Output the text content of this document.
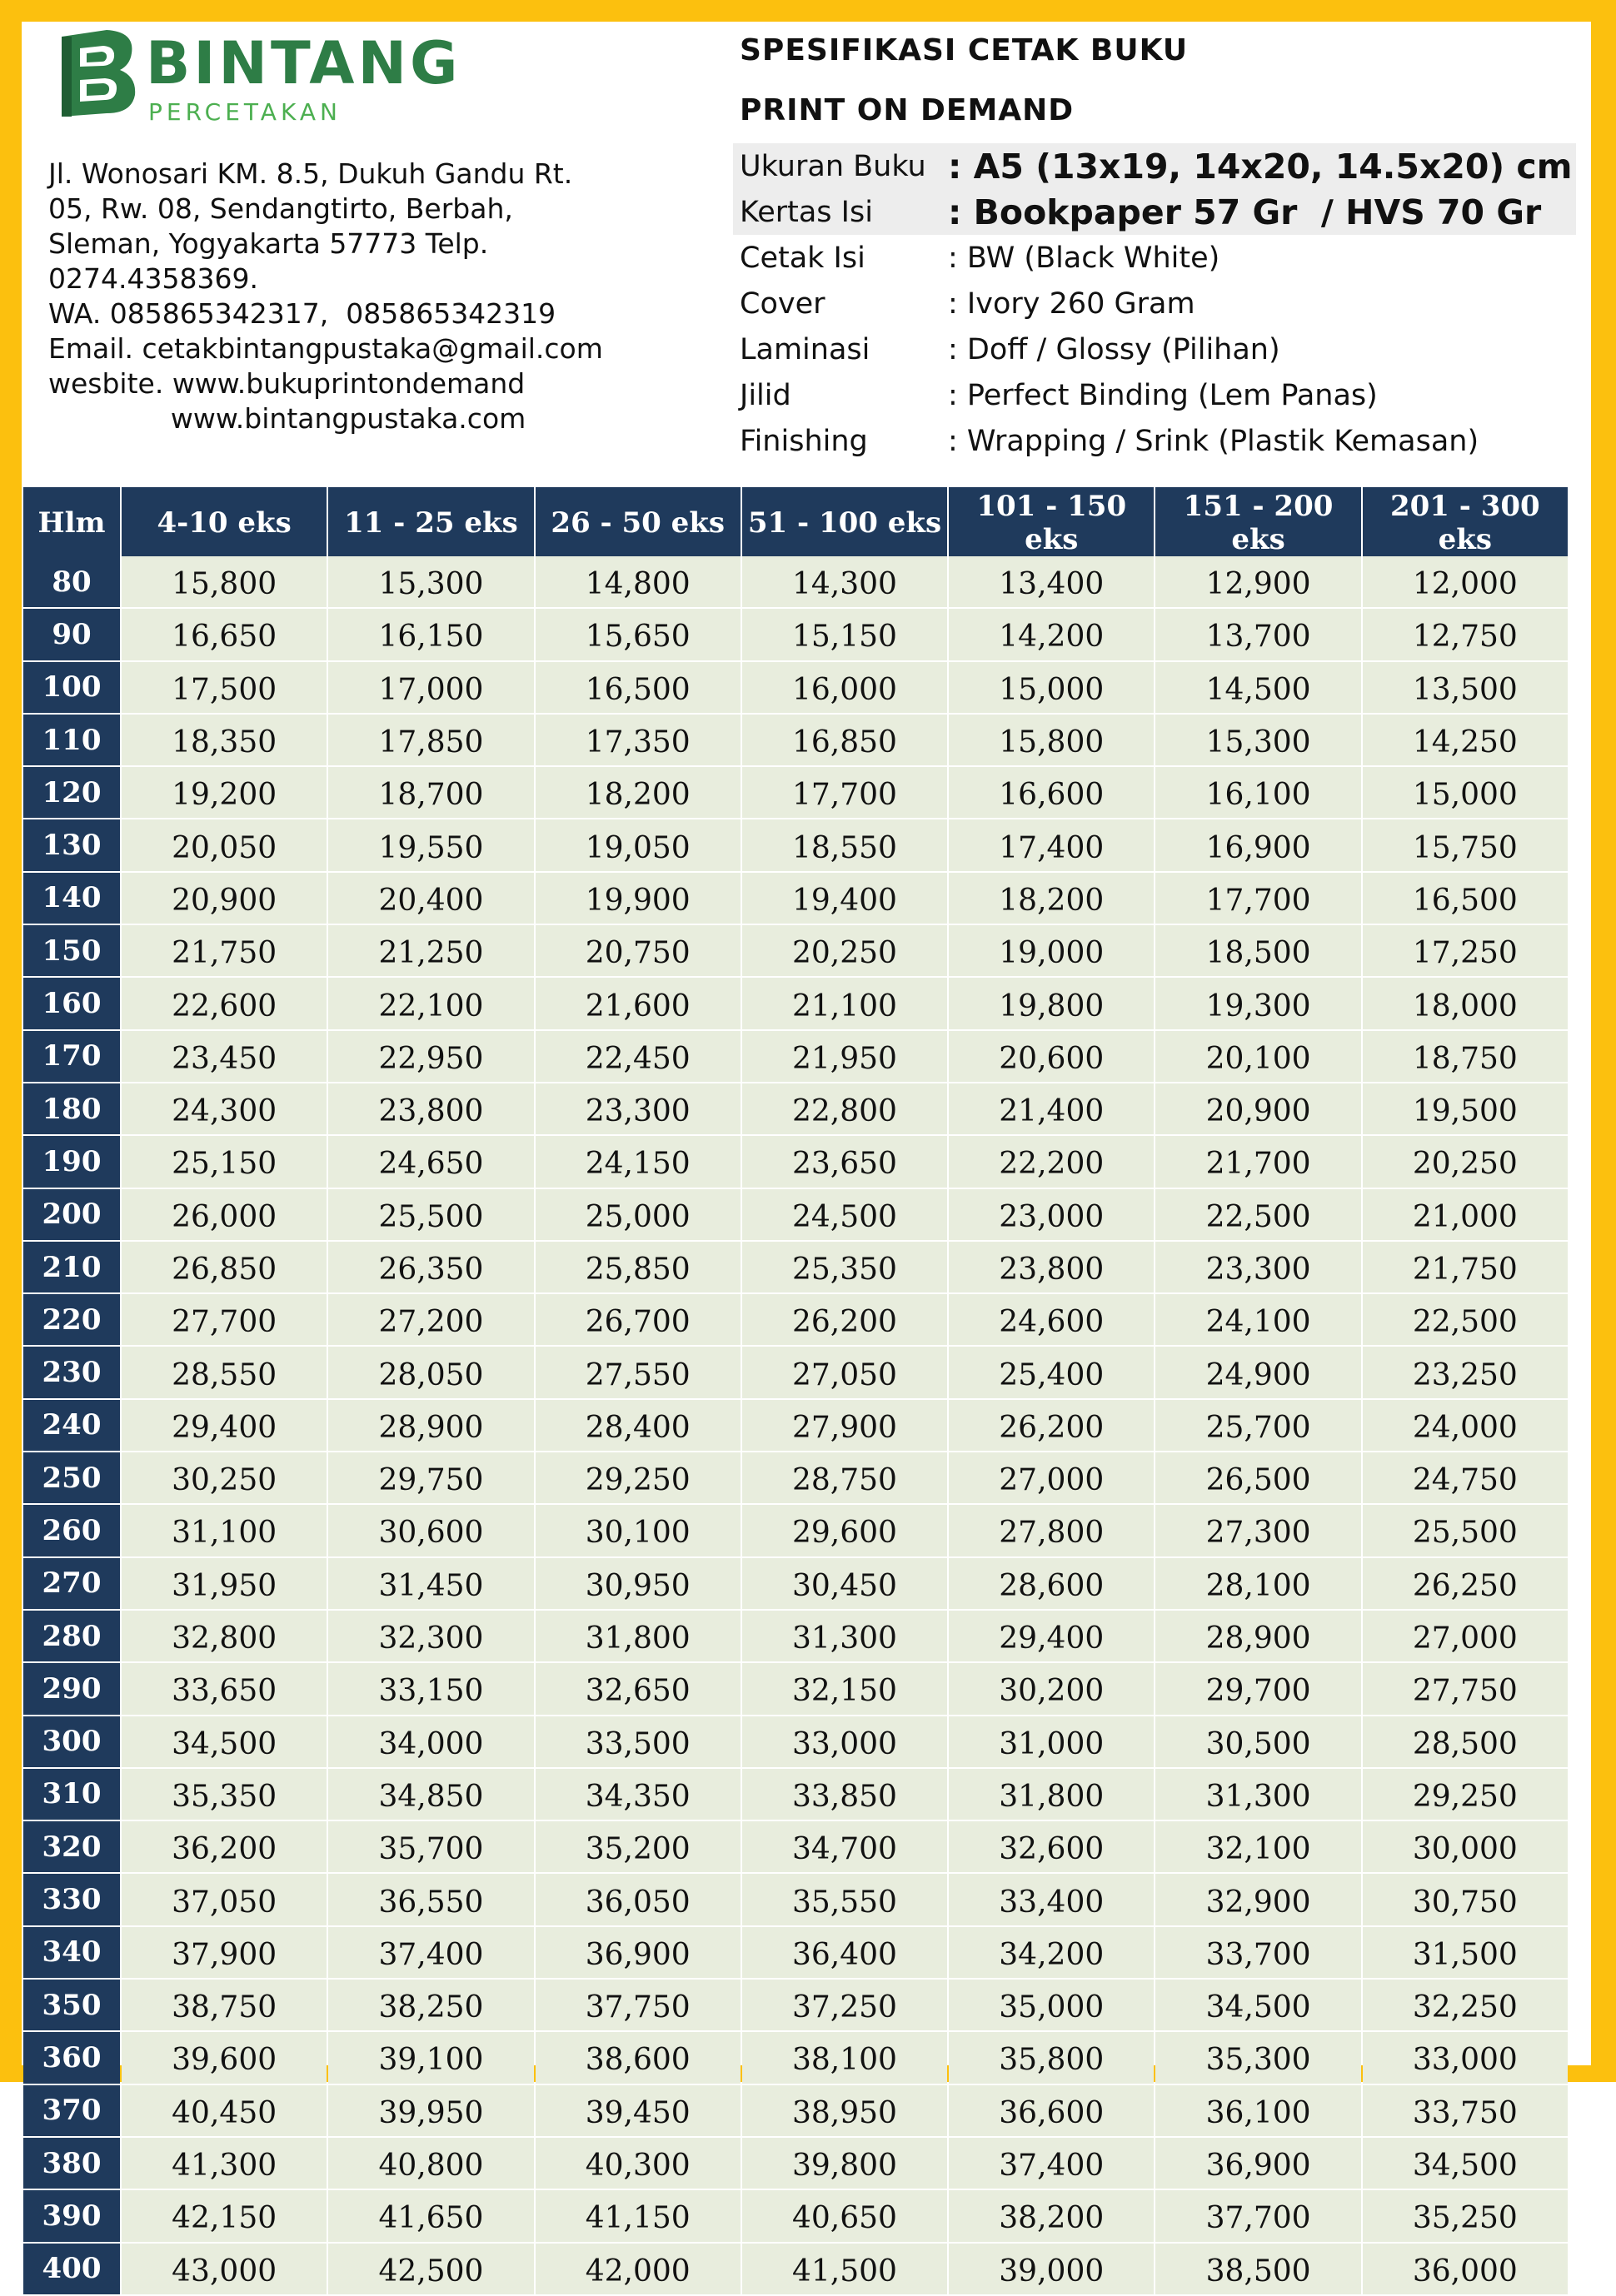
BINTANG
PERCETAKAN
Jl. Wonosari KM. 8.5, Dukuh Gandu Rt.
05, Rw. 08, Sendangtirto, Berbah,
Sleman, Yogyakarta 57773 Telp.
0274.4358369.
WA. 085865342317,  085865342319
Email. cetakbintangpustaka@gmail.com
wesbite. www.bukuprintondemand
www.bintangpustaka.com
SPESIFIKASI CETAK BUKU
PRINT ON DEMAND
Ukuran Buku : A5 (13x19, 14x20, 14.5x20) cm
Kertas Isi	: Bookpaper 57 Gr  / HVS 70 Gr
Cetak Isi	: BW (Black White)
Cover	: Ivory 260 Gram
Laminasi	: Doff / Glossy (Pilihan)
Jilid	: Perfect Binding (Lem Panas)
Finishing	: Wrapping / Srink (Plastik Kemasan)
Hlm	4-10 eks	11 - 25 eks	26 - 50 eks	51 - 100 eks	101 - 150 eks	151 - 200 eks	201 - 300 eks
80	15,800	15,300	14,800	14,300	13,400	12,900	12,000
90	16,650	16,150	15,650	15,150	14,200	13,700	12,750
100	17,500	17,000	16,500	16,000	15,000	14,500	13,500
110	18,350	17,850	17,350	16,850	15,800	15,300	14,250
120	19,200	18,700	18,200	17,700	16,600	16,100	15,000
130	20,050	19,550	19,050	18,550	17,400	16,900	15,750
140	20,900	20,400	19,900	19,400	18,200	17,700	16,500
150	21,750	21,250	20,750	20,250	19,000	18,500	17,250
160	22,600	22,100	21,600	21,100	19,800	19,300	18,000
170	23,450	22,950	22,450	21,950	20,600	20,100	18,750
180	24,300	23,800	23,300	22,800	21,400	20,900	19,500
190	25,150	24,650	24,150	23,650	22,200	21,700	20,250
200	26,000	25,500	25,000	24,500	23,000	22,500	21,000
210	26,850	26,350	25,850	25,350	23,800	23,300	21,750
220	27,700	27,200	26,700	26,200	24,600	24,100	22,500
230	28,550	28,050	27,550	27,050	25,400	24,900	23,250
240	29,400	28,900	28,400	27,900	26,200	25,700	24,000
250	30,250	29,750	29,250	28,750	27,000	26,500	24,750
260	31,100	30,600	30,100	29,600	27,800	27,300	25,500
270	31,950	31,450	30,950	30,450	28,600	28,100	26,250
280	32,800	32,300	31,800	31,300	29,400	28,900	27,000
290	33,650	33,150	32,650	32,150	30,200	29,700	27,750
300	34,500	34,000	33,500	33,000	31,000	30,500	28,500
310	35,350	34,850	34,350	33,850	31,800	31,300	29,250
320	36,200	35,700	35,200	34,700	32,600	32,100	30,000
330	37,050	36,550	36,050	35,550	33,400	32,900	30,750
340	37,900	37,400	36,900	36,400	34,200	33,700	31,500
350	38,750	38,250	37,750	37,250	35,000	34,500	32,250
360	39,600	39,100	38,600	38,100	35,800	35,300	33,000
370	40,450	39,950	39,450	38,950	36,600	36,100	33,750
380	41,300	40,800	40,300	39,800	37,400	36,900	34,500
390	42,150	41,650	41,150	40,650	38,200	37,700	35,250
400	43,000	42,500	42,000	41,500	39,000	38,500	36,000
